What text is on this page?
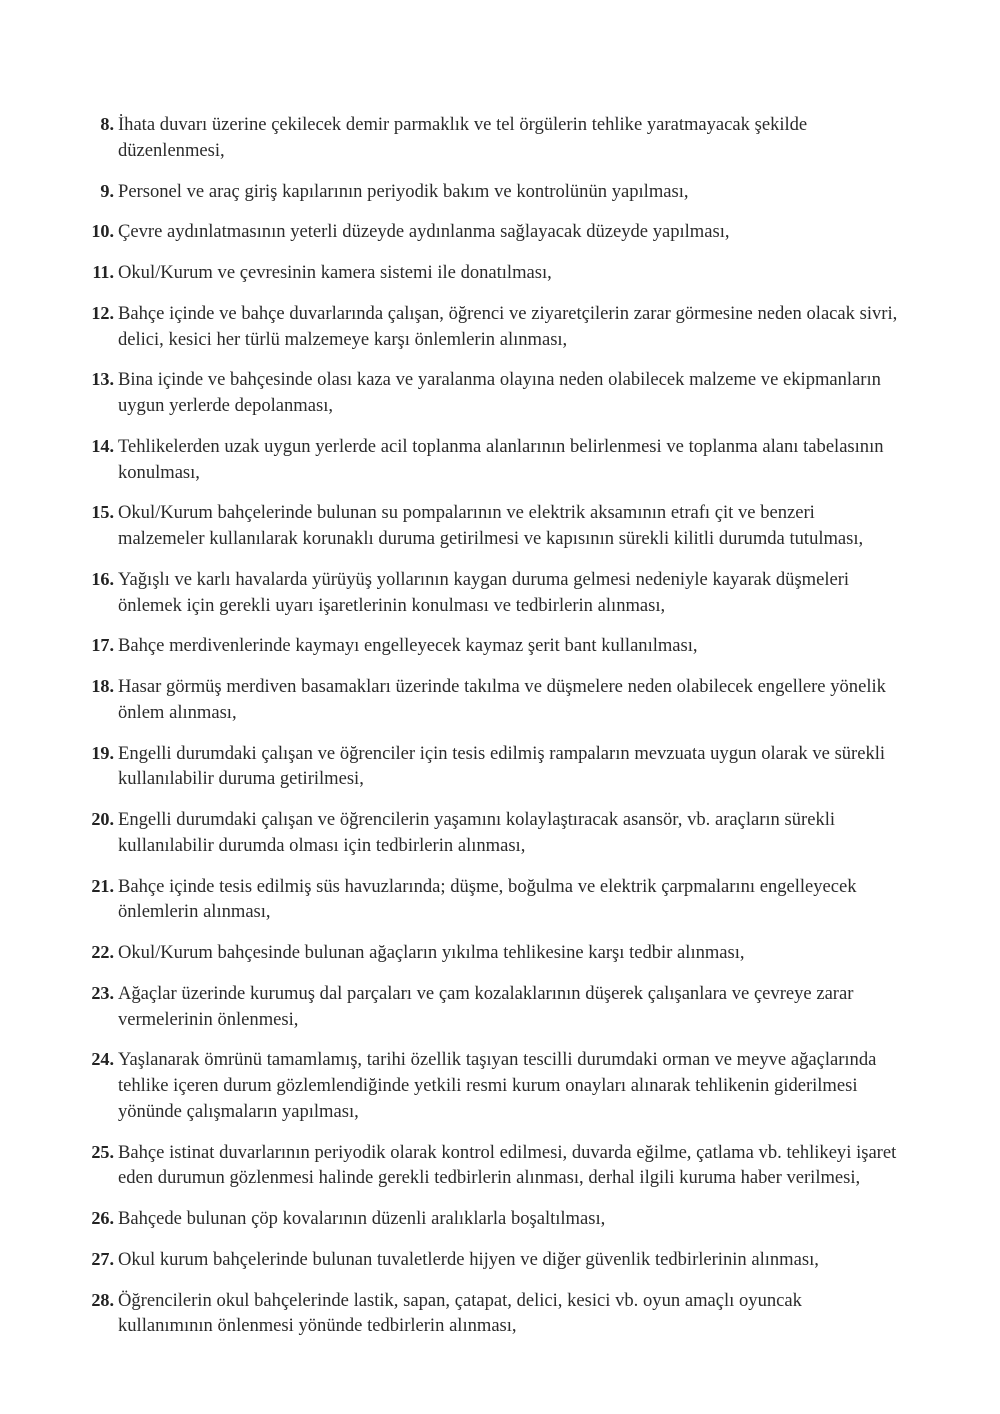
8. İhata duvarı üzerine çekilecek demir parmaklık ve tel örgülerin tehlike yaratmayacak şekilde düzenlenmesi,
9. Personel ve araç giriş kapılarının periyodik bakım ve kontrolünün yapılması,
10. Çevre aydınlatmasının yeterli düzeyde aydınlanma sağlayacak düzeyde yapılması,
11. Okul/Kurum ve çevresinin kamera sistemi ile donatılması,
12. Bahçe içinde ve bahçe duvarlarında çalışan, öğrenci ve ziyaretçilerin zarar görmesine neden olacak sivri, delici, kesici her türlü malzemeye karşı önlemlerin alınması,
13. Bina içinde ve bahçesinde olası kaza ve yaralanma olayına neden olabilecek malzeme ve ekipmanların uygun yerlerde depolanması,
14. Tehlikelerden uzak uygun yerlerde acil toplanma alanlarının belirlenmesi ve toplanma alanı tabelasının konulması,
15. Okul/Kurum bahçelerinde bulunan su pompalarının ve elektrik aksamının etrafı çit ve benzeri malzemeler kullanılarak korunaklı duruma getirilmesi ve kapısının sürekli kilitli durumda tutulması,
16. Yağışlı ve karlı havalarda yürüyüş yollarının kaygan duruma gelmesi nedeniyle kayarak düşmeleri önlemek için gerekli uyarı işaretlerinin konulması ve tedbirlerin alınması,
17. Bahçe merdivenlerinde kaymayı engelleyecek kaymaz şerit bant kullanılması,
18. Hasar görmüş merdiven basamakları üzerinde takılma ve düşmelere neden olabilecek engellere yönelik önlem alınması,
19. Engelli durumdaki çalışan ve öğrenciler için tesis edilmiş rampaların mevzuata uygun olarak ve sürekli kullanılabilir duruma getirilmesi,
20. Engelli durumdaki çalışan ve öğrencilerin yaşamını kolaylaştıracak asansör, vb. araçların sürekli kullanılabilir durumda olması için tedbirlerin alınması,
21. Bahçe içinde tesis edilmiş süs havuzlarında; düşme, boğulma ve elektrik çarpmalarını engelleyecek önlemlerin alınması,
22. Okul/Kurum bahçesinde bulunan ağaçların yıkılma tehlikesine karşı tedbir alınması,
23. Ağaçlar üzerinde kurumuş dal parçaları ve çam kozalaklarının düşerek çalışanlara ve çevreye zarar vermelerinin önlenmesi,
24. Yaşlanarak ömrünü tamamlamış, tarihi özellik taşıyan tescilli durumdaki orman ve meyve ağaçlarında tehlike içeren durum gözlemlendiğinde yetkili resmi kurum onayları alınarak tehlikenin giderilmesi yönünde çalışmaların yapılması,
25. Bahçe istinat duvarlarının periyodik olarak kontrol edilmesi, duvarda eğilme, çatlama vb. tehlikeyi işaret eden durumun gözlenmesi halinde gerekli tedbirlerin alınması, derhal ilgili kuruma haber verilmesi,
26. Bahçede bulunan çöp kovalarının düzenli aralıklarla boşaltılması,
27. Okul kurum bahçelerinde bulunan tuvaletlerde hijyen ve diğer güvenlik tedbirlerinin alınması,
28. Öğrencilerin okul bahçelerinde lastik, sapan, çatapat, delici, kesici vb. oyun amaçlı oyuncak kullanımının önlenmesi yönünde tedbirlerin alınması,
